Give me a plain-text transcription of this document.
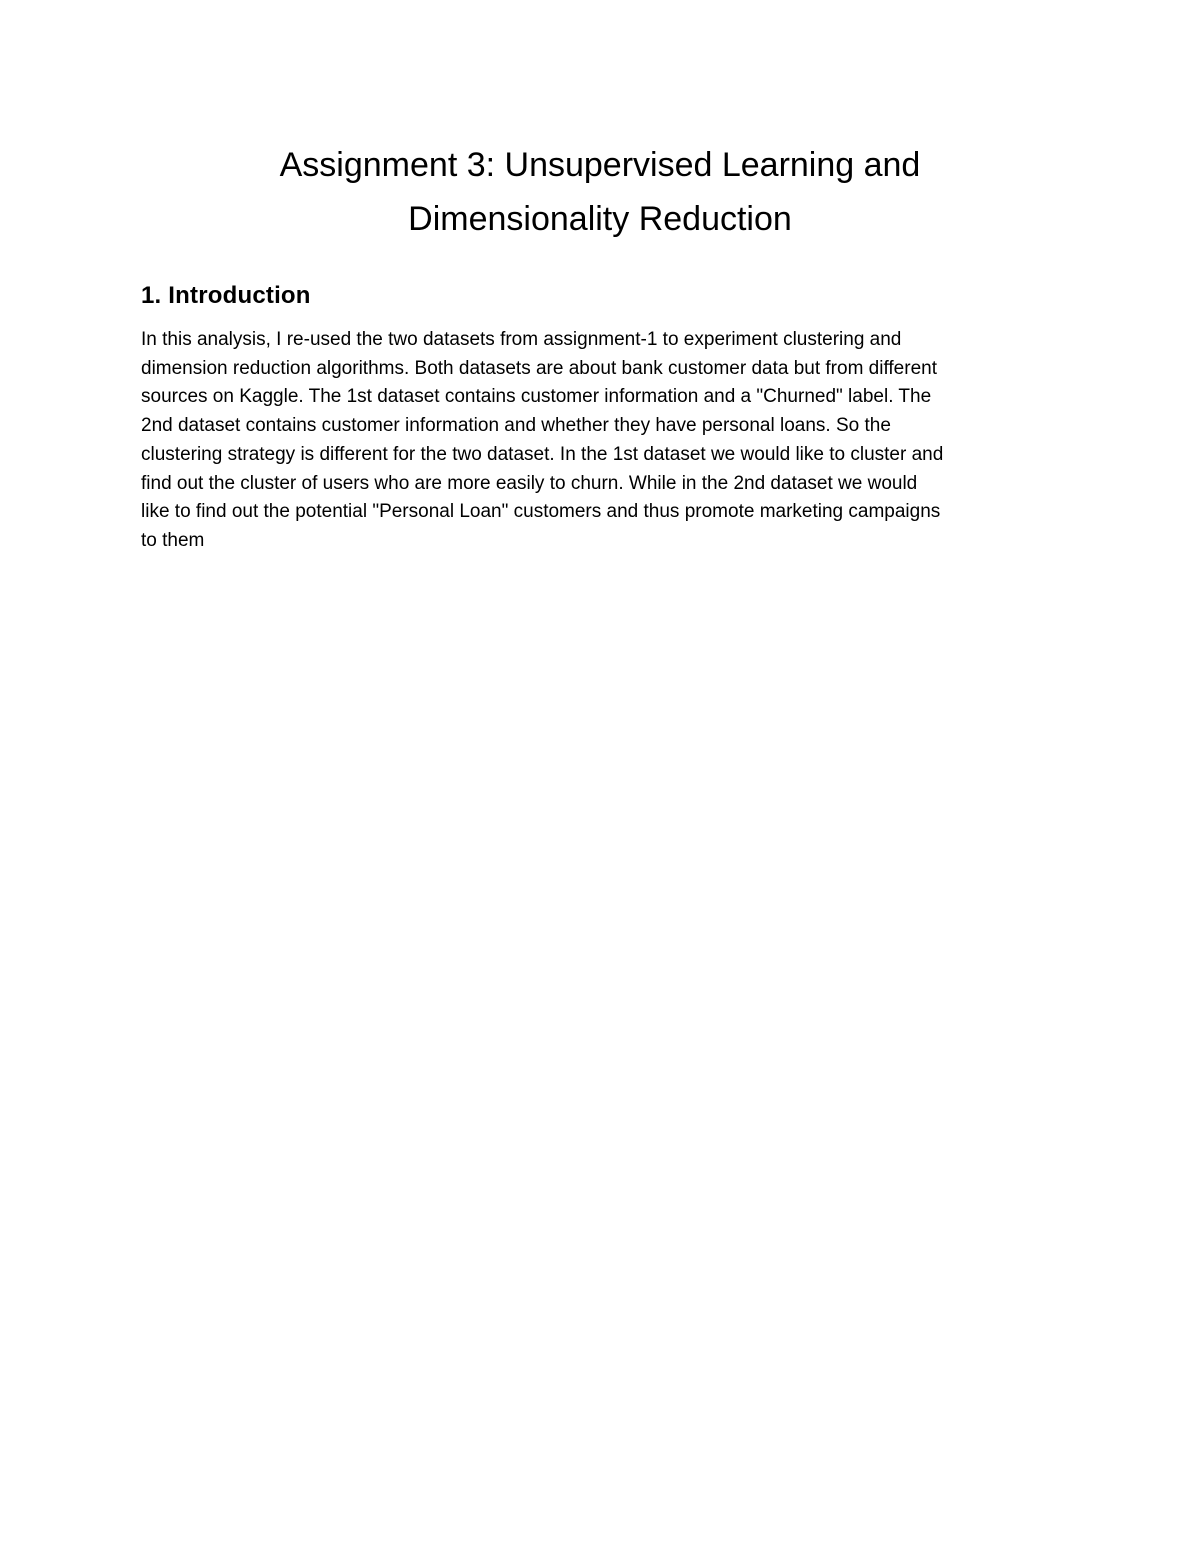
Assignment 3: Unsupervised Learning and
Dimensionality Reduction
1. Introduction

In this analysis, I re-used the two datasets from assignment-1 to experiment clustering and
dimension reduction algorithms. Both datasets are about bank customer data but from different
sources on Kaggle. The 1st dataset contains customer information and a "Churned" label. The
2nd dataset contains customer information and whether they have personal loans. So the
clustering strategy is different for the two dataset. In the 1st dataset we would like to cluster and
find out the cluster of users who are more easily to churn. While in the 2nd dataset we would
like to find out the potential "Personal Loan" customers and thus promote marketing campaigns
to them
